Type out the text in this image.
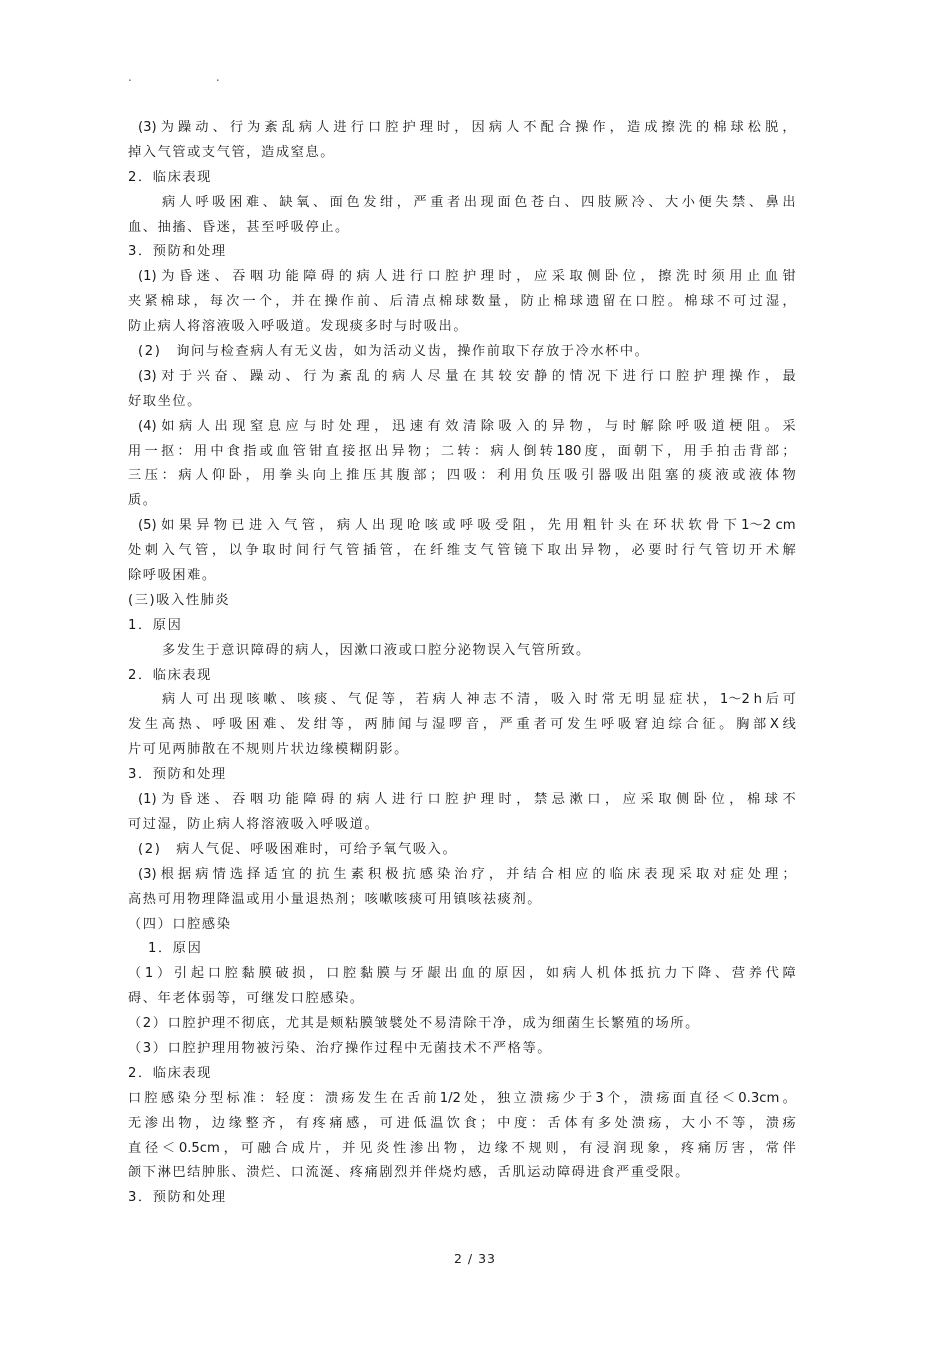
.	.
(3) 为 躁 动 、 行 为 紊 乱 病 人 进 行 口 腔 护 理 时 ， 因 病 人 不 配 合 操 作 ， 造 成 擦 洗 的 棉 球 松 脱 ，
掉入气管或支气管，造成窒息。
2．临床表现
病 人 呼 吸 困 难 、 缺 氧 、 面 色 发 绀 ， 严 重 者 出 现 面 色 苍 白 、 四 肢 厥 冷 、 大 小 便 失 禁 、 鼻 出
血、抽搐、昏迷，甚至呼吸停止。
3．预防和处理
(1) 为 昏 迷 、 吞 咽 功 能 障 碍 的 病 人 进 行 口 腔 护 理 时 ， 应 采 取 侧 卧 位 ， 擦 洗 时 须 用 止 血 钳
夹 紧 棉 球 ， 每 次 一 个 ， 并 在 操 作 前 、 后 清 点 棉 球 数 量 ， 防 止 棉 球 遗 留 在 口 腔 。 棉 球 不 可 过 湿 ，
防止病人将溶液吸入呼吸道。发现痰多时与时吸出。
(2)　询问与检查病人有无义齿，如为活动义齿，操作前取下存放于冷水杯中。
(3) 对 于 兴 奋 、 躁 动 、 行 为 紊 乱 的 病 人 尽 量 在 其 较 安 静 的 情 况 下 进 行 口 腔 护 理 操 作 ， 最
好取坐位。
(4) 如 病 人 出 现 窒 息 应 与 时 处 理 ， 迅 速 有 效 清 除 吸 入 的 异 物 ， 与 时 解 除 呼 吸 道 梗 阻 。 采
用 一 抠 ： 用 中 食 指 或 血 管 钳 直 接 抠 出 异 物 ； 二 转 ： 病 人 倒 转 180 度 ， 面 朝 下 ， 用 手 拍 击 背 部 ；
三 压 ： 病 人 仰 卧 ， 用 拳 头 向 上 推 压 其 腹 部 ； 四 吸 ： 利 用 负 压 吸 引 器 吸 出 阻 塞 的 痰 液 或 液 体 物
质。
(5) 如 果 异 物 已 进 入 气 管 ， 病 人 出 现 呛 咳 或 呼 吸 受 阻 ， 先 用 粗 针 头 在 环 状 软 骨 下 1～2 cm
处 刺 入 气 管 ， 以 争 取 时 间 行 气 管 插 管 ， 在 纤 维 支 气 管 镜 下 取 出 异 物 ， 必 要 时 行 气 管 切 开 术 解
除呼吸困难。
(三)吸入性肺炎
1．原因
多发生于意识障碍的病人，因漱口液或口腔分泌物误入气管所致。
2．临床表现
病 人 可 出 现 咳 嗽 、 咳 痰 、 气 促 等 ， 若 病 人 神 志 不 清 ， 吸 入 时 常 无 明 显 症 状 ， 1～2 h 后 可
发 生 高 热 、 呼 吸 困 难 、 发 绀 等 ， 两 肺 闻 与 湿 啰 音 ， 严 重 者 可 发 生 呼 吸 窘 迫 综 合 征 。 胸 部 X 线
片可见两肺散在不规则片状边缘模糊阴影。
3．预防和处理
(1) 为 昏 迷 、 吞 咽 功 能 障 碍 的 病 人 进 行 口 腔 护 理 时 ， 禁 忌 漱 口 ， 应 采 取 侧 卧 位 ， 棉 球 不
可过湿，防止病人将溶液吸入呼吸道。
(2)　病人气促、呼吸困难时，可给予氧气吸入。
(3) 根 据 病 情 选 择 适 宜 的 抗 生 素 积 极 抗 感 染 治 疗 ， 并 结 合 相 应 的 临 床 表 现 采 取 对 症 处 理 ；
高热可用物理降温或用小量退热剂；咳嗽咳痰可用镇咳祛痰剂。
（四）口腔感染
1．原因
（ 1 ） 引 起 口 腔 黏 膜 破 损 ， 口 腔 黏 膜 与 牙 龈 出 血 的 原 因 ， 如 病 人 机 体 抵 抗 力 下 降 、 营 养 代 障
碍、年老体弱等，可继发口腔感染。
（2）口腔护理不彻底，尤其是颊粘膜皱襞处不易清除干净，成为细菌生长繁殖的场所。
（3）口腔护理用物被污染、治疗操作过程中无菌技术不严格等。
2．临床表现
口 腔 感 染 分 型 标 准 ： 轻 度 ： 溃 疡 发 生 在 舌 前 1/2 处 ， 独 立 溃 疡 少 于 3 个 ， 溃 疡 面 直 径 ＜ 0.3cm 。
无 渗 出 物 ， 边 缘 整 齐 ， 有 疼 痛 感 ， 可 进 低 温 饮 食 ； 中 度 ： 舌 体 有 多 处 溃 疡 ， 大 小 不 等 ， 溃 疡
直 径 ＜ 0.5cm ， 可 融 合 成 片 ， 并 见 炎 性 渗 出 物 ， 边 缘 不 规 则 ， 有 浸 润 现 象 ， 疼 痛 厉 害 ， 常 伴
颌下淋巴结肿胀、溃烂、口流涎、疼痛剧烈并伴烧灼感，舌肌运动障碍进食严重受限。
3．预防和处理
2 / 33
